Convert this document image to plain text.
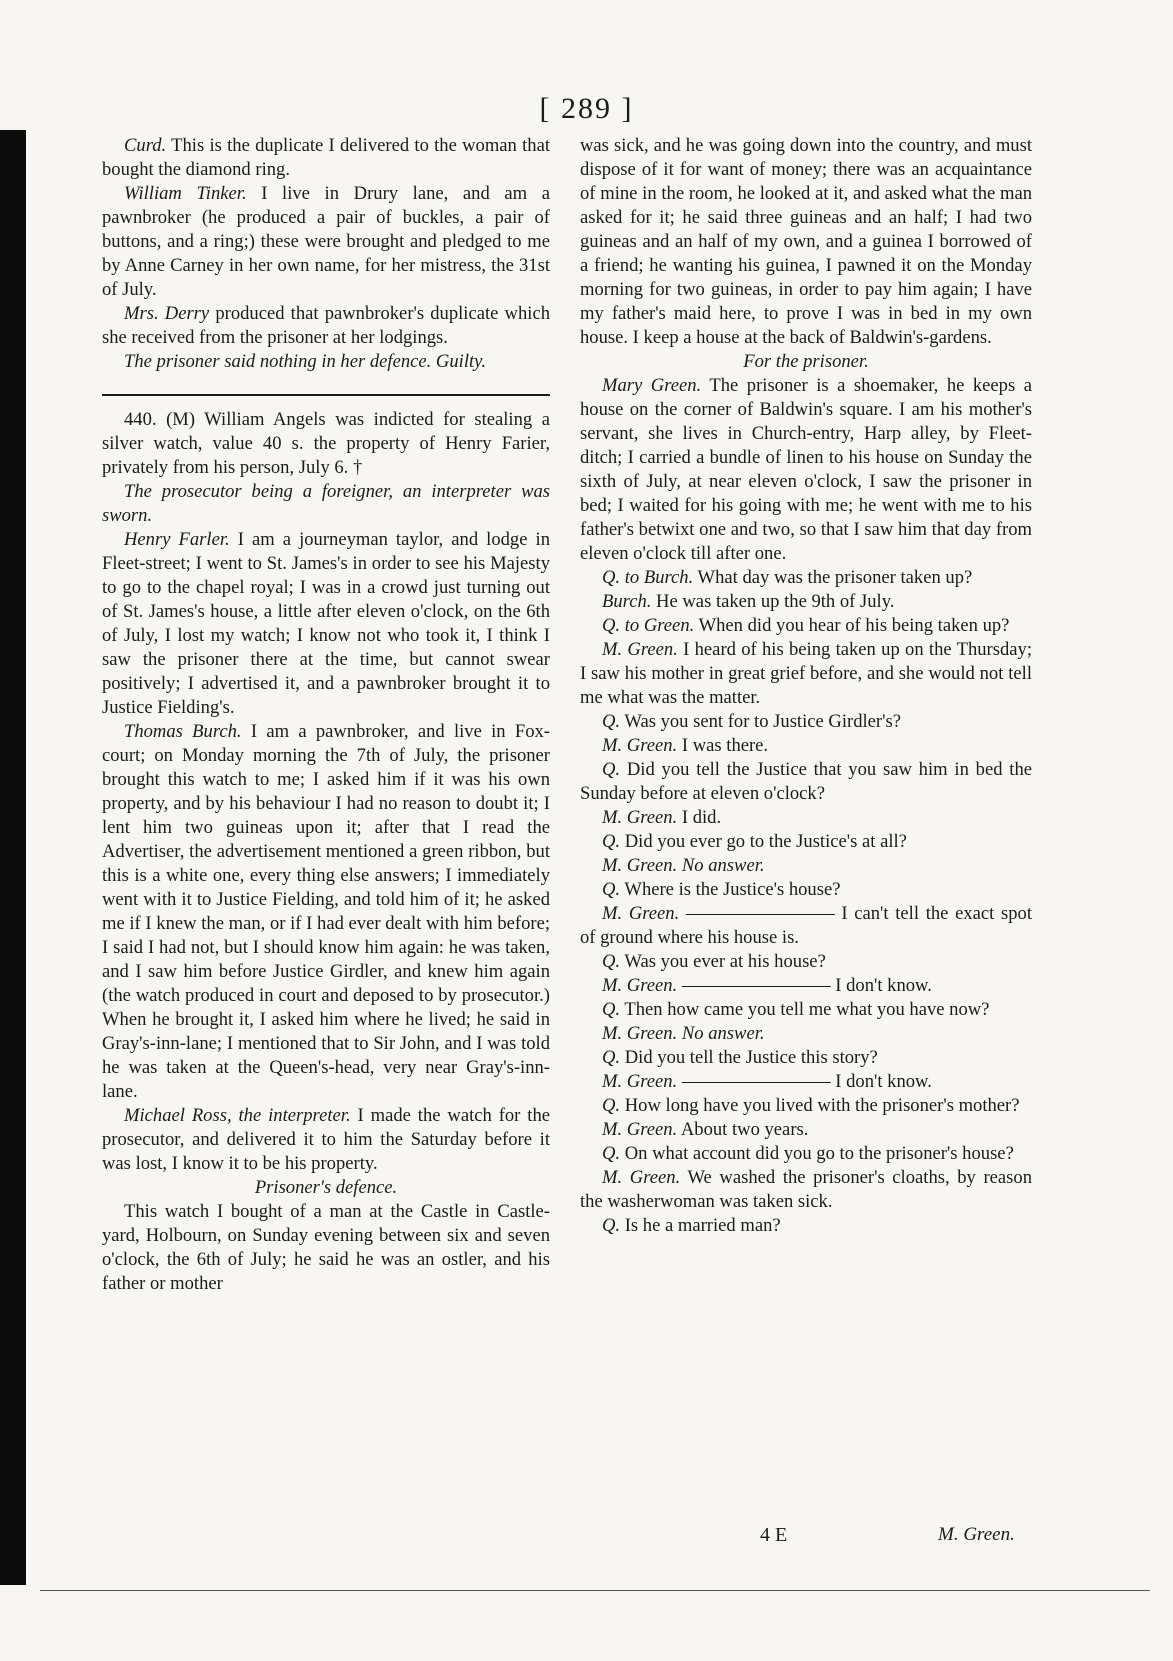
[ 289 ]

Curd. This is the duplicate I delivered to the woman that bought the diamond ring.

William Tinker. I live in Drury lane, and am a pawnbroker (he produced a pair of buckles, a pair of buttons, and a ring;) these were brought and pledged to me by Anne Carney in her own name, for her mistress, the 31st of July.

Mrs. Derry produced that pawnbroker's duplicate which she received from the prisoner at her lodgings.

The prisoner said nothing in her defence. Guilty.

440. (M) William Angels was indicted for stealing a silver watch, value 40 s. the property of Henry Farier, privately from his person, July 6. †

The prosecutor being a foreigner, an interpreter was sworn.

Henry Farler. I am a journeyman taylor, and lodge in Fleet-street; I went to St. James's in order to see his Majesty to go to the chapel royal; I was in a crowd just turning out of St. James's house, a little after eleven o'clock, on the 6th of July, I lost my watch; I know not who took it, I think I saw the prisoner there at the time, but cannot swear positively; I advertised it, and a pawnbroker brought it to Justice Fielding's.

Thomas Burch. I am a pawnbroker, and live in Fox-court; on Monday morning the 7th of July, the prisoner brought this watch to me; I asked him if it was his own property, and by his behaviour I had no reason to doubt it; I lent him two guineas upon it; after that I read the Advertiser, the advertisement mentioned a green ribbon, but this is a white one, every thing else answers; I immediately went with it to Justice Fielding, and told him of it; he asked me if I knew the man, or if I had ever dealt with him before; I said I had not, but I should know him again: he was taken, and I saw him before Justice Girdler, and knew him again (the watch produced in court and deposed to by prosecutor.) When he brought it, I asked him where he lived; he said in Gray's-inn-lane; I mentioned that to Sir John, and I was told he was taken at the Queen's-head, very near Gray's-inn-lane.

Michael Ross, the interpreter. I made the watch for the prosecutor, and delivered it to him the Saturday before it was lost, I know it to be his property.

Prisoner's defence.

This watch I bought of a man at the Castle in Castle-yard, Holbourn, on Sunday evening between six and seven o'clock, the 6th of July; he said he was an ostler, and his father or mother

was sick, and he was going down into the country, and must dispose of it for want of money; there was an acquaintance of mine in the room, he looked at it, and asked what the man asked for it; he said three guineas and an half; I had two guineas and an half of my own, and a guinea I borrowed of a friend; he wanting his guinea, I pawned it on the Monday morning for two guineas, in order to pay him again; I have my father's maid here, to prove I was in bed in my own house. I keep a house at the back of Baldwin's-gardens.

For the prisoner.

Mary Green. The prisoner is a shoemaker, he keeps a house on the corner of Baldwin's square. I am his mother's servant, she lives in Church-entry, Harp alley, by Fleet-ditch; I carried a bundle of linen to his house on Sunday the sixth of July, at near eleven o'clock, I saw the prisoner in bed; I waited for his going with me; he went with me to his father's betwixt one and two, so that I saw him that day from eleven o'clock till after one.

Q. to Burch. What day was the prisoner taken up?

Burch. He was taken up the 9th of July.

Q. to Green. When did you hear of his being taken up?

M. Green. I heard of his being taken up on the Thursday; I saw his mother in great grief before, and she would not tell me what was the matter.

Q. Was you sent for to Justice Girdler's?

M. Green. I was there.

Q. Did you tell the Justice that you saw him in bed the Sunday before at eleven o'clock?

M. Green. I did.

Q. Did you ever go to the Justice's at all?

M. Green. No answer.

Q. Where is the Justice's house?

M. Green. ———————— I can't tell the exact spot of ground where his house is.

Q. Was you ever at his house?

M. Green. ———————— I don't know.

Q. Then how came you tell me what you have now?

M. Green. No answer.

Q. Did you tell the Justice this story?

M. Green. ———————— I don't know.

Q. How long have you lived with the prisoner's mother?

M. Green. About two years.

Q. On what account did you go to the prisoner's house?

M. Green. We washed the prisoner's cloaths, by reason the washerwoman was taken sick.

Q. Is he a married man?

4 E	M. Green.
